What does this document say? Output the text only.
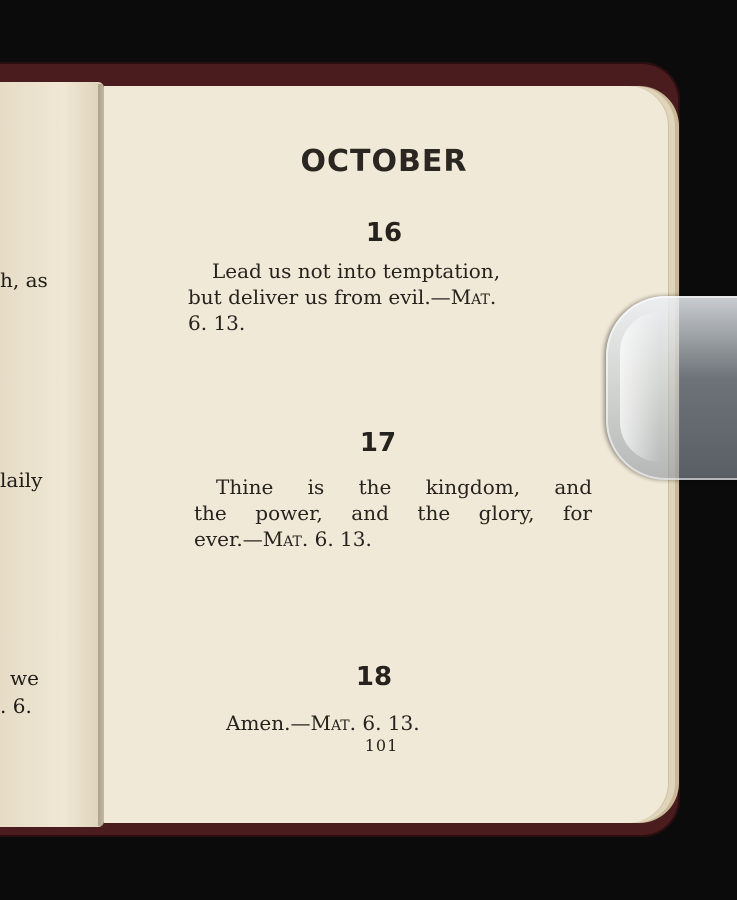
h, as
laily
we
. 6.
OCTOBER
16
Lead us not into temptation,
but deliver us from evil.—Mat.
6. 13.
17
Thine is the kingdom, and
the power, and the glory, for
ever.—Mat. 6. 13.
18
Amen.—Mat. 6. 13.
101
